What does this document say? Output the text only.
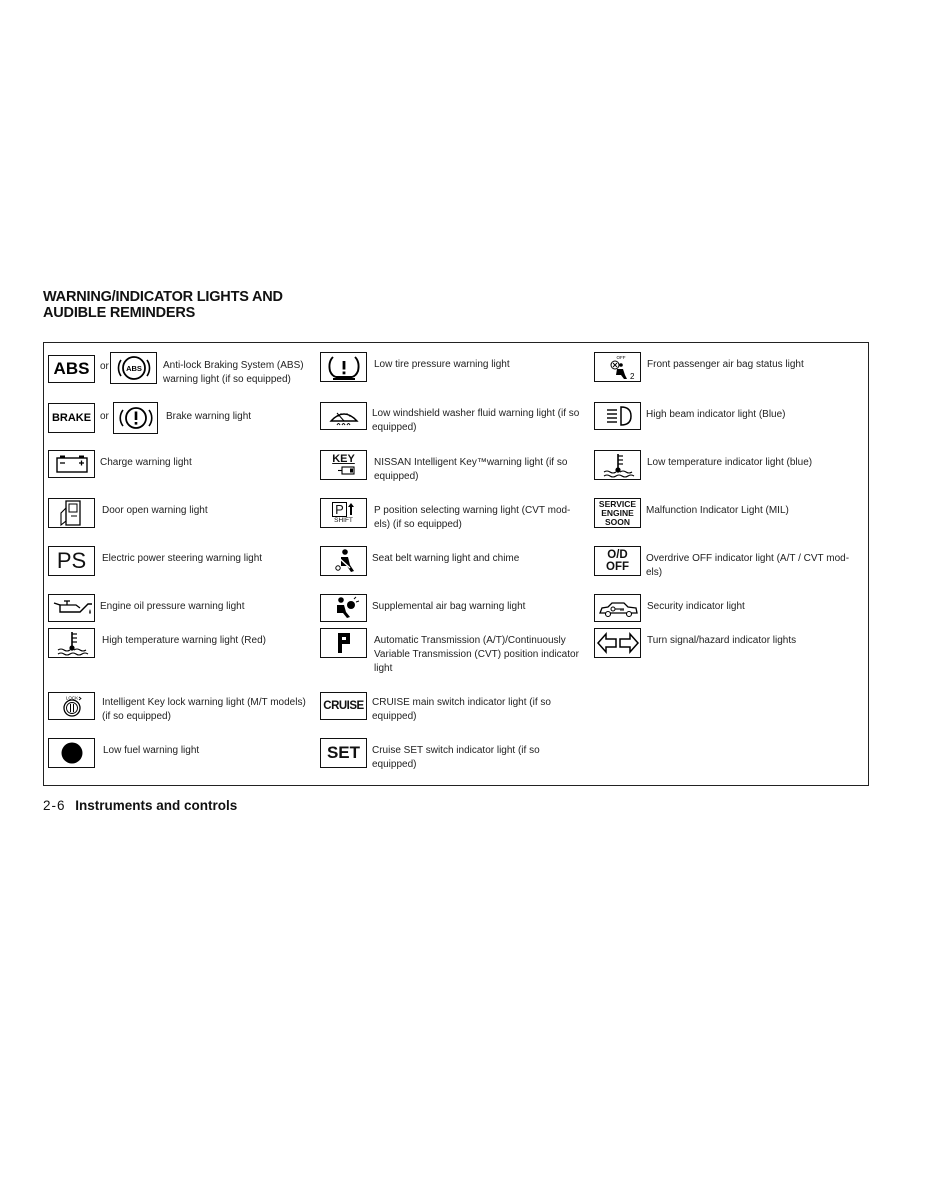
WARNING/INDICATOR LIGHTS AND
AUDIBLE REMINDERS
ABS	or ABS Anti-lock Braking System (ABS) warning light (if so equipped)
BRAKE or	Brake warning light
Charge warning light
Door open warning light
PS Electric power steering warning light
Engine oil pressure warning light
High temperature warning light (Red)
LOCK Intelligent Key lock warning light (M/T models) (if so equipped)
Low fuel warning light
Low tire pressure warning light
Low windshield washer fluid warning light (if so equipped)
KEY NISSAN Intelligent Key™warning light (if so equipped)
P
SHIFT
P position selecting warning light (CVT mod-els) (if so equipped)
Seat belt warning light and chime
Supplemental air bag warning light
Automatic Transmission (A/T)/Continuously Variable Transmission (CVT) position indicator light
CRUISE CRUISE main switch indicator light (if so equipped)
SET Cruise SET switch indicator light (if so equipped)
OFF
2
Front passenger air bag status light
High beam indicator light (Blue)
Low temperature indicator light (blue)
SERVICE
ENGINE
SOON
Malfunction Indicator Light (MIL)
O/D
OFF
Overdrive OFF indicator light (A/T / CVT mod-els)
Security indicator light
Turn signal/hazard indicator lights
2-6 Instruments and controls
